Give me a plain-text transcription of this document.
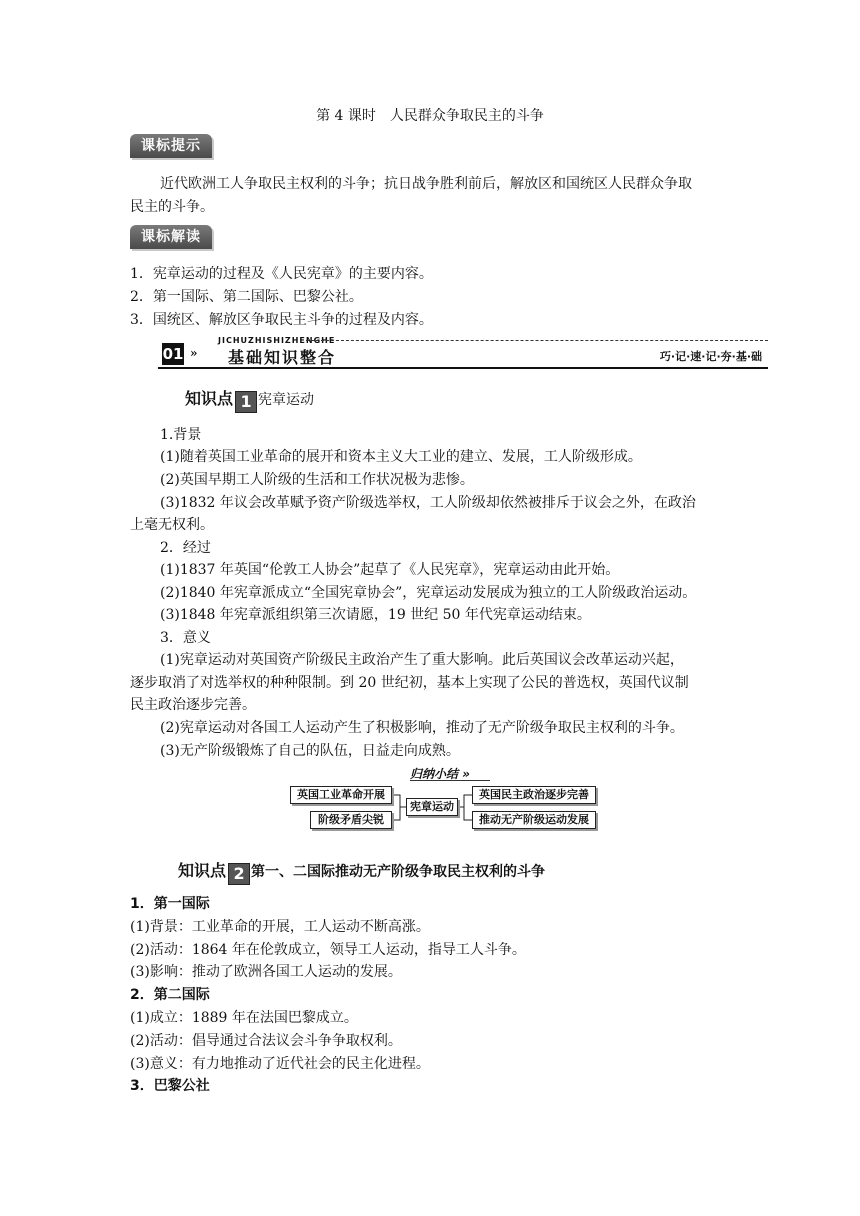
第 4 课时　人民群众争取民主的斗争
课标提示
近代欧洲工人争取民主权利的斗争；抗日战争胜利前后，解放区和国统区人民群众争取
民主的斗争。
课标解读
1．宪章运动的过程及《人民宪章》的主要内容。
2．第一国际、第二国际、巴黎公社。
3．国统区、解放区争取民主斗争的过程及内容。
JICHUZHISHIZHENGHE
01 » 基础知识整合	巧·记·速·记·夯·基·础
知识点 1 宪章运动
1.背景
(1)随着英国工业革命的展开和资本主义大工业的建立、发展，工人阶级形成。
(2)英国早期工人阶级的生活和工作状况极为悲惨。
(3)1832 年议会改革赋予资产阶级选举权，工人阶级却依然被排斥于议会之外，在政治
上毫无权利。
2．经过
(1)1837 年英国“伦敦工人协会”起草了《人民宪章》，宪章运动由此开始。
(2)1840 年宪章派成立“全国宪章协会”，宪章运动发展成为独立的工人阶级政治运动。
(3)1848 年宪章派组织第三次请愿，19 世纪 50 年代宪章运动结束。
3．意义
(1)宪章运动对英国资产阶级民主政治产生了重大影响。此后英国议会改革运动兴起，
逐步取消了对选举权的种种限制。到 20 世纪初，基本上实现了公民的普选权，英国代议制
民主政治逐步完善。
(2)宪章运动对各国工人运动产生了积极影响，推动了无产阶级争取民主权利的斗争。
(3)无产阶级锻炼了自己的队伍，日益走向成熟。
归纳小结 »
英国工业革命开展
阶级矛盾尖锐
宪章运动
英国民主政治逐步完善
推动无产阶级运动发展
知识点 2 第一、二国际推动无产阶级争取民主权利的斗争
1．第一国际
(1)背景：工业革命的开展，工人运动不断高涨。
(2)活动：1864 年在伦敦成立，领导工人运动，指导工人斗争。
(3)影响：推动了欧洲各国工人运动的发展。
2．第二国际
(1)成立：1889 年在法国巴黎成立。
(2)活动：倡导通过合法议会斗争争取权利。
(3)意义：有力地推动了近代社会的民主化进程。
3．巴黎公社
